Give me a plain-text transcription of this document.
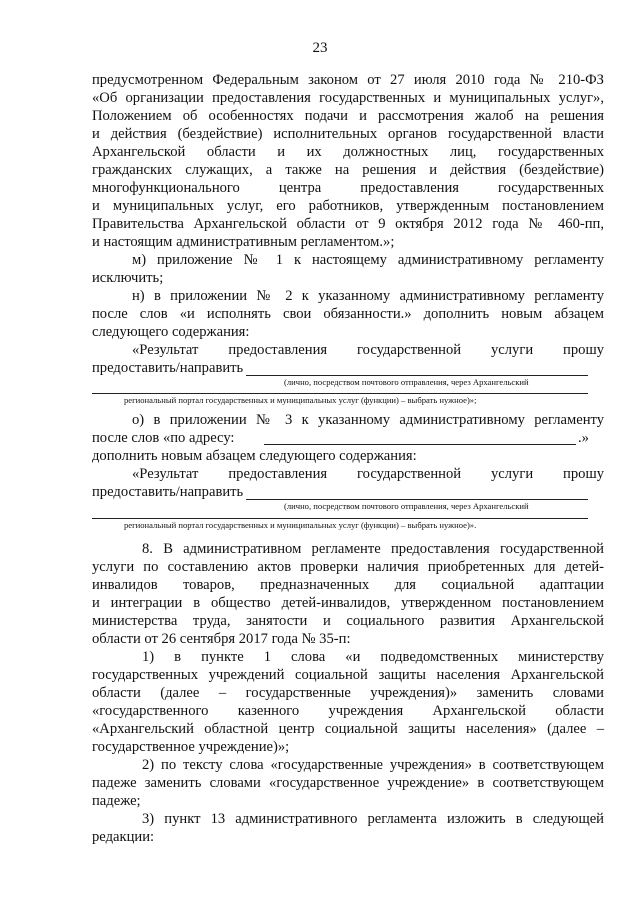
23
предусмотренном Федеральным законом от 27 июля 2010 года № 210-ФЗ
«Об организации предоставления государственных и муниципальных услуг»,
Положением об особенностях подачи и рассмотрения жалоб на решения
и действия (бездействие) исполнительных органов государственной власти
Архангельской области и их должностных лиц, государственных
гражданских служащих, а также на решения и действия (бездействие)
многофункционального центра предоставления государственных
и муниципальных услуг, его работников, утвержденным постановлением
Правительства Архангельской области от 9 октября 2012 года № 460-пп,
и настоящим административным регламентом.»;
м) приложение № 1 к настоящему административному регламенту
исключить;
н) в приложении № 2 к указанному административному регламенту
после слов «и исполнять свои обязанности.» дополнить новым абзацем
следующего содержания:
«Результат предоставления государственной услуги прошу
предоставить/направить
(лично, посредством почтового отправления, через Архангельский
региональный портал государственных и муниципальных услуг (функции) – выбрать нужное)»;
о) в приложении № 3 к указанному административному регламенту
после слов «по адресу:	.»
дополнить новым абзацем следующего содержания:
«Результат предоставления государственной услуги прошу
предоставить/направить
(лично, посредством почтового отправления, через Архангельский
региональный портал государственных и муниципальных услуг (функции) – выбрать нужное)».
8. В административном регламенте предоставления государственной
услуги по составлению актов проверки наличия приобретенных для детей-
инвалидов товаров, предназначенных для социальной адаптации
и интеграции в общество детей-инвалидов, утвержденном постановлением
министерства труда, занятости и социального развития Архангельской
области от 26 сентября 2017 года № 35-п:
1) в пункте 1 слова «и подведомственных министерству
государственных учреждений социальной защиты населения Архангельской
области (далее – государственные учреждения)» заменить словами
«государственного казенного учреждения Архангельской области
«Архангельский областной центр социальной защиты населения» (далее –
государственное учреждение)»;
2) по тексту слова «государственные учреждения» в соответствующем
падеже заменить словами «государственное учреждение» в соответствующем
падеже;
3) пункт 13 административного регламента изложить в следующей
редакции:
